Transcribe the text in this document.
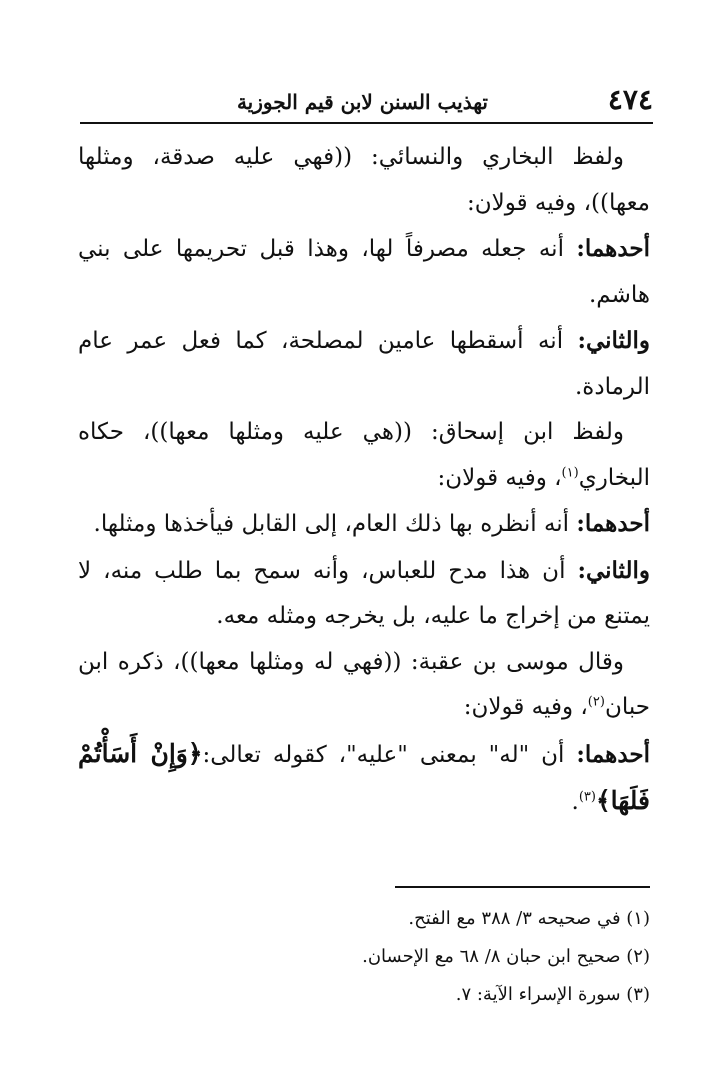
٤٧٤
تهذيب السنن لابن قيم الجوزية

ولفظ البخاري والنسائي: ((فهي عليه صدقة، ومثلها معها))، وفيه قولان:

أحدهما: أنه جعله مصرفاً لها، وهذا قبل تحريمها على بني هاشم.

والثاني: أنه أسقطها عامين لمصلحة، كما فعل عمر عام الرمادة.

ولفظ ابن إسحاق: ((هي عليه ومثلها معها))، حكاه البخاري$^{(١)}$، وفيه قولان:

أحدهما: أنه أنظره بها ذلك العام، إلى القابل فيأخذها ومثلها.

والثاني: أن هذا مدح للعباس، وأنه سمح بما طلب منه، لا يمتنع من إخراج ما عليه، بل يخرجه ومثله معه.

وقال موسى بن عقبة: ((فهي له ومثلها معها))، ذكره ابن حبان$^{(٢)}$، وفيه قولان:

أحدهما: أن "له" بمعنى "عليه"، كقوله تعالى:﴿وَإِنْ أَسَأْتُمْ فَلَهَا﴾$^{(٣)}$.

(١) في صحيحه ٣/ ٣٨٨ مع الفتح.

(٢) صحيح ابن حبان ٨/ ٦٨ مع الإحسان.

(٣) سورة الإسراء الآية: ٧.
